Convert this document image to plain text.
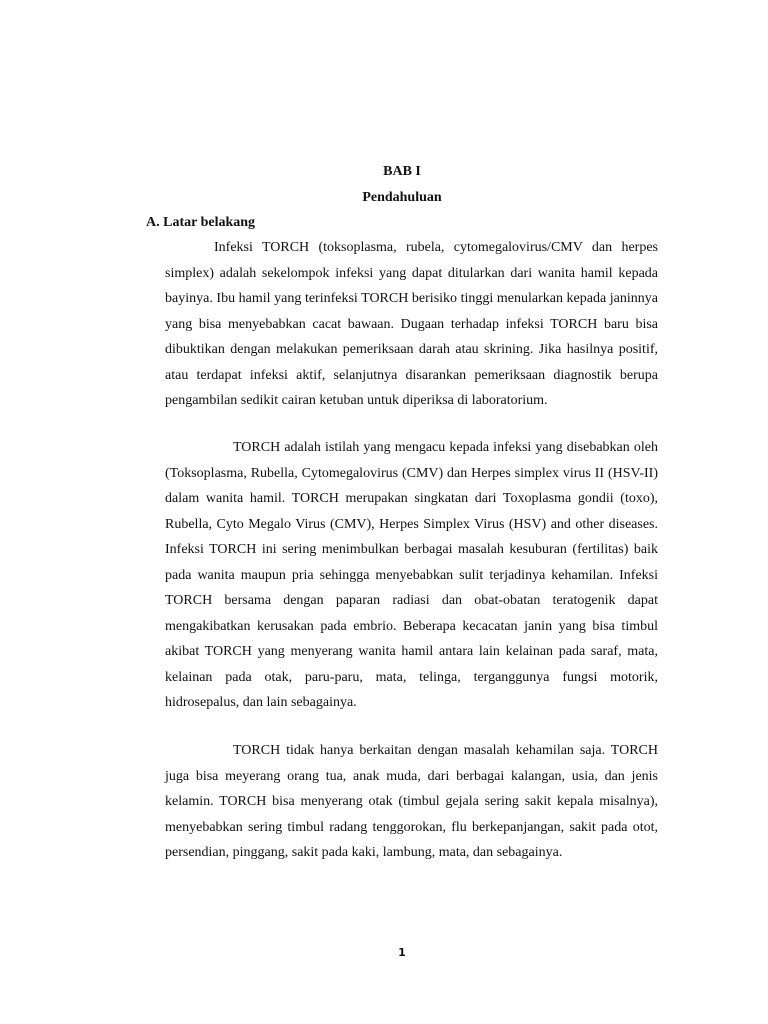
BAB I
Pendahuluan
A. Latar belakang

Infeksi TORCH (toksoplasma, rubela, cytomegalovirus/CMV dan herpes simplex) adalah sekelompok infeksi yang dapat ditularkan dari wanita hamil kepada bayinya. Ibu hamil yang terinfeksi TORCH berisiko tinggi menularkan kepada janinnya yang bisa menyebabkan cacat bawaan. Dugaan terhadap infeksi TORCH baru bisa dibuktikan dengan melakukan pemeriksaan darah atau skrining. Jika hasilnya positif, atau terdapat infeksi aktif, selanjutnya disarankan pemeriksaan diagnostik berupa pengambilan sedikit cairan ketuban untuk diperiksa di laboratorium.

TORCH adalah istilah yang mengacu kepada infeksi yang disebabkan oleh (Toksoplasma, Rubella, Cytomegalovirus (CMV) dan Herpes simplex virus II (HSV-II) dalam wanita hamil. TORCH merupakan singkatan dari Toxoplasma gondii (toxo), Rubella, Cyto Megalo Virus (CMV), Herpes Simplex Virus (HSV) and other diseases. Infeksi TORCH ini sering menimbulkan berbagai masalah kesuburan (fertilitas) baik pada wanita maupun pria sehingga menyebabkan sulit terjadinya kehamilan. Infeksi TORCH bersama dengan paparan radiasi dan obat-obatan teratogenik dapat mengakibatkan kerusakan pada embrio. Beberapa kecacatan janin yang bisa timbul akibat TORCH yang menyerang wanita hamil antara lain kelainan pada saraf, mata, kelainan pada otak, paru-paru, mata, telinga, terganggunya fungsi motorik, hidrosepalus, dan lain sebagainya.

TORCH tidak hanya berkaitan dengan masalah kehamilan saja. TORCH juga bisa meyerang orang tua, anak muda, dari berbagai kalangan, usia, dan jenis kelamin. TORCH bisa menyerang otak (timbul gejala sering sakit kepala misalnya), menyebabkan sering timbul radang tenggorokan, flu berkepanjangan, sakit pada otot, persendian, pinggang, sakit pada kaki, lambung, mata, dan sebagainya.

1
